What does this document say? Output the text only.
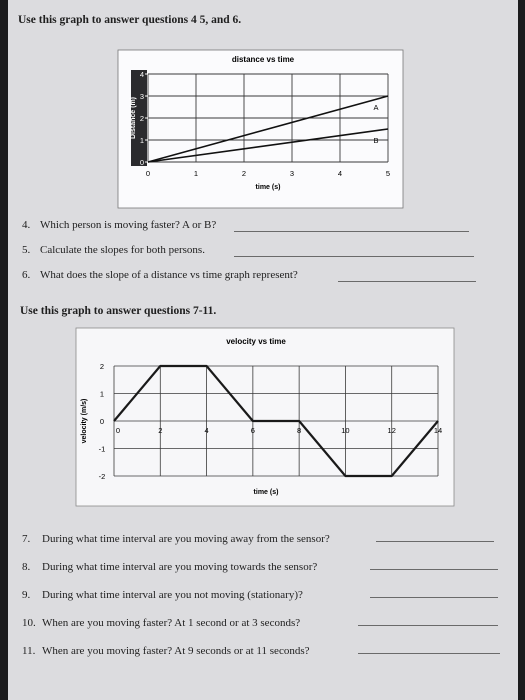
Use this graph to answer questions 4 5, and 6.
distance vs time
0	1	2	3	4	5
0
1
2
3
4
Distance (m)
time (s)
A
B
Use this graph to answer questions 7-11.
velocity vs time
2
1
0
-1
-2
0	2	4	6	8	10	12	14
velocity (m/s)
time (s)
4. Which person is moving faster? A or B?
5. Calculate the slopes for both persons.
6. What does the slope of a distance vs time graph represent?
7. During what time interval are you moving away from the sensor?
8. During what time interval are you moving towards the sensor?
9. During what time interval are you not moving (stationary)?
10. When are you moving faster? At 1 second or at 3 seconds?
11. When are you moving faster? At 9 seconds or at 11 seconds?
